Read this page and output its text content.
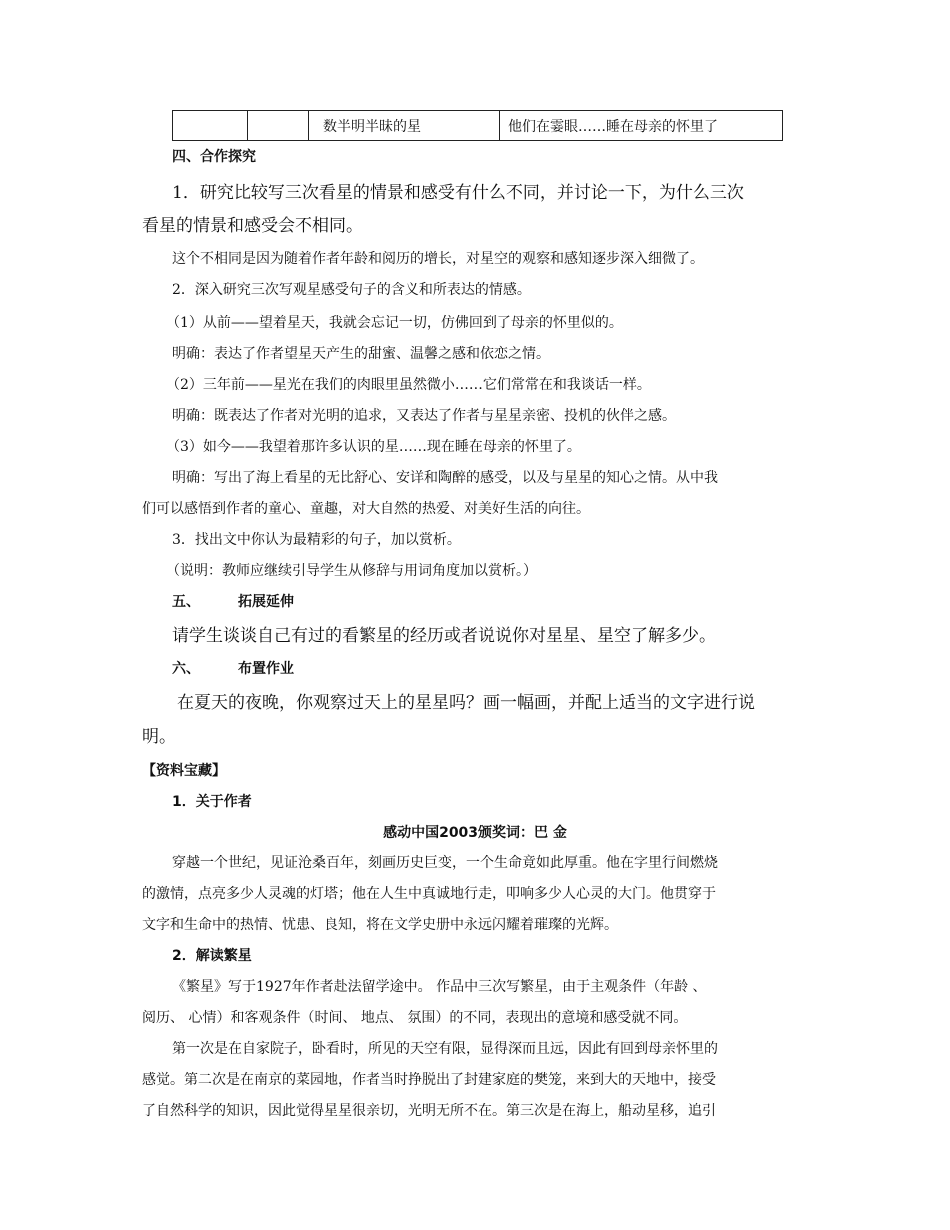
		数半明半昧的星	他们在霎眼……睡在母亲的怀里了
四、合作探究
1．研究比较写三次看星的情景和感受有什么不同，并讨论一下，为什么三次
看星的情景和感受会不相同。
这个不相同是因为随着作者年龄和阅历的增长，对星空的观察和感知逐步深入细微了。
2．深入研究三次写观星感受句子的含义和所表达的情感。
（1）从前——望着星天，我就会忘记一切，仿佛回到了母亲的怀里似的。
明确：表达了作者望星天产生的甜蜜、温馨之感和依恋之情。
（2）三年前——星光在我们的肉眼里虽然微小……它们常常在和我谈话一样。
明确：既表达了作者对光明的追求，又表达了作者与星星亲密、投机的伙伴之感。
（3）如今——我望着那许多认识的星……现在睡在母亲的怀里了。
明确：写出了海上看星的无比舒心、安详和陶醉的感受，以及与星星的知心之情。从中我
们可以感悟到作者的童心、童趣，对大自然的热爱、对美好生活的向往。
3．找出文中你认为最精彩的句子，加以赏析。
（说明：教师应继续引导学生从修辞与用词角度加以赏析。）
五、	拓展延伸
请学生谈谈自己有过的看繁星的经历或者说说你对星星、星空了解多少。
六、	布置作业
在夏天的夜晚，你观察过天上的星星吗？画一幅画，并配上适当的文字进行说
明。
【资料宝藏】
1．关于作者
感动中国2003颁奖词：巴 金
穿越一个世纪，见证沧桑百年，刻画历史巨变，一个生命竟如此厚重。他在字里行间燃烧
的激情，点亮多少人灵魂的灯塔；他在人生中真诚地行走，叩响多少人心灵的大门。他贯穿于
文字和生命中的热情、忧患、良知，将在文学史册中永远闪耀着璀璨的光辉。
2．解读繁星
《繁星》写于1927年作者赴法留学途中。 作品中三次写繁星，由于主观条件（年龄 、
阅历、 心情）和客观条件（时间、 地点、 氛围）的不同，表现出的意境和感受就不同。
第一次是在自家院子，卧看时，所见的天空有限，显得深而且远，因此有回到母亲怀里的
感觉。第二次是在南京的菜园地，作者当时挣脱出了封建家庭的樊笼，来到大的天地中，接受
了自然科学的知识，因此觉得星星很亲切，光明无所不在。第三次是在海上，船动星移，追引
